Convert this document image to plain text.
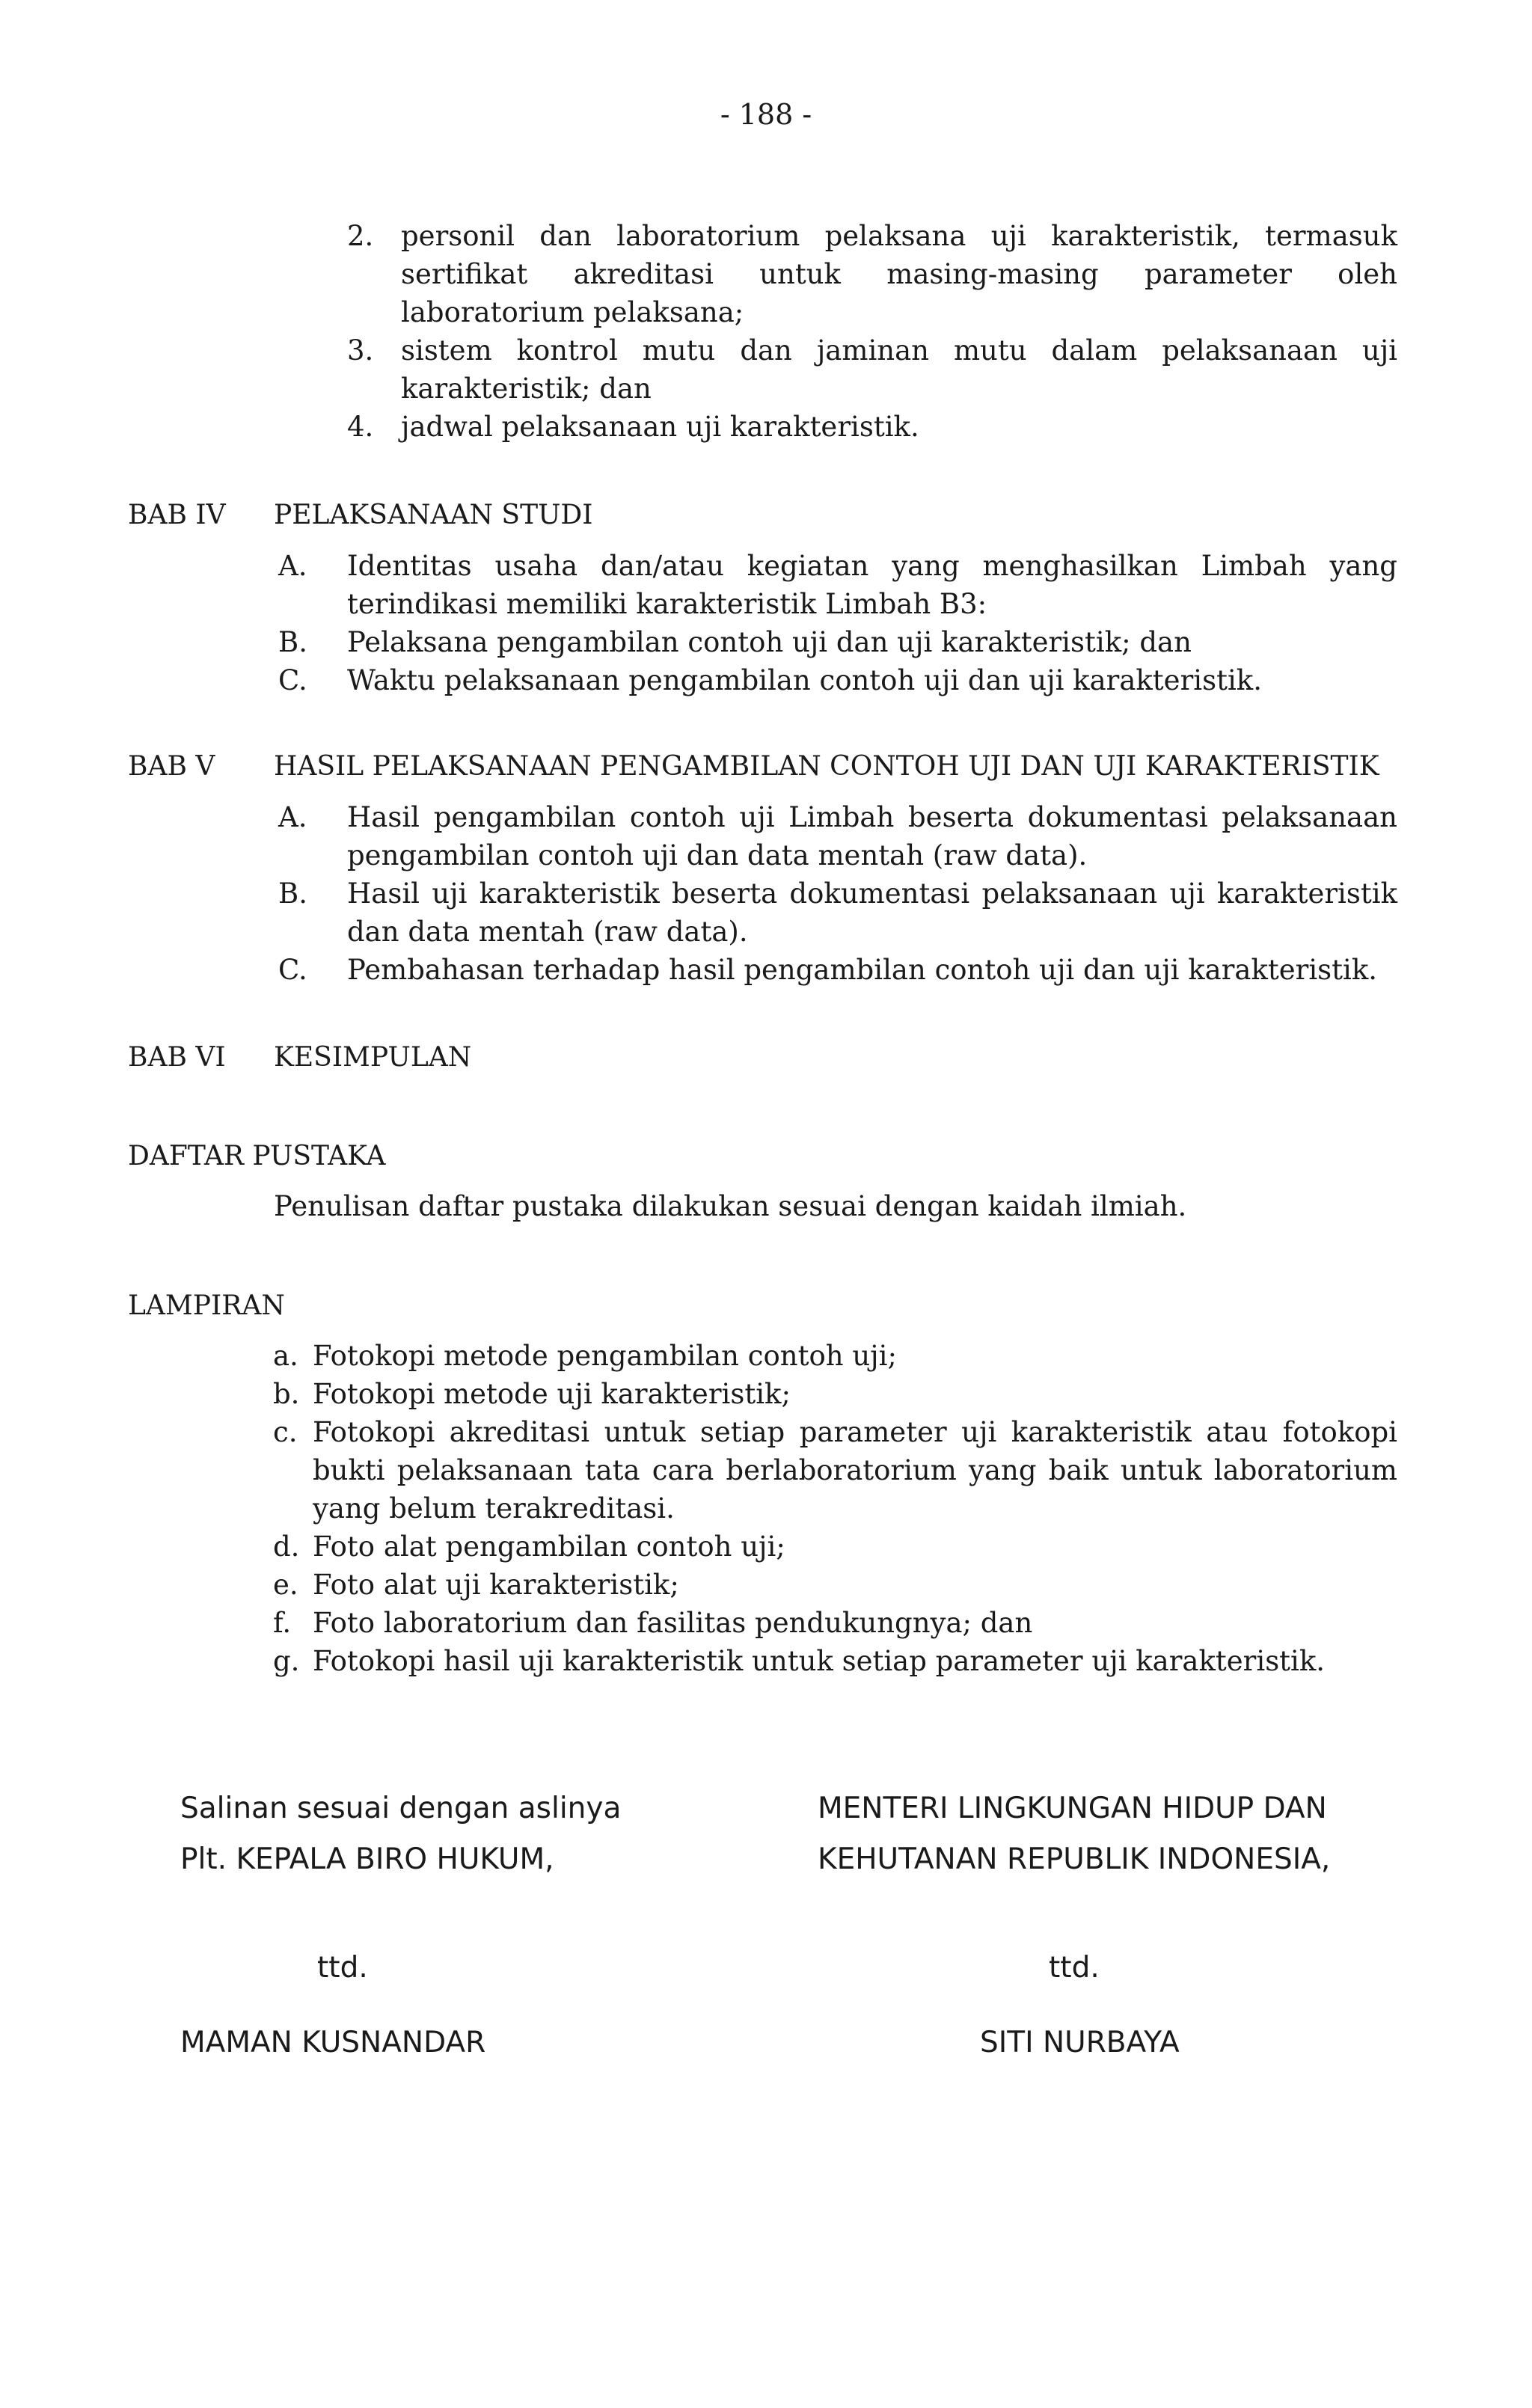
- 188 -
2. personil dan laboratorium pelaksana uji karakteristik, termasuk sertifikat akreditasi untuk masing-masing parameter oleh laboratorium pelaksana;
3. sistem kontrol mutu dan jaminan mutu dalam pelaksanaan uji karakteristik; dan
4. jadwal pelaksanaan uji karakteristik.
BAB IV PELAKSANAAN STUDI
A. Identitas usaha dan/atau kegiatan yang menghasilkan Limbah yang terindikasi memiliki karakteristik Limbah B3:
B. Pelaksana pengambilan contoh uji dan uji karakteristik; dan
C. Waktu pelaksanaan pengambilan contoh uji dan uji karakteristik.
BAB V HASIL PELAKSANAAN PENGAMBILAN CONTOH UJI DAN UJI KARAKTERISTIK
A. Hasil pengambilan contoh uji Limbah beserta dokumentasi pelaksanaan pengambilan contoh uji dan data mentah (raw data).
B. Hasil uji karakteristik beserta dokumentasi pelaksanaan uji karakteristik dan data mentah (raw data).
C. Pembahasan terhadap hasil pengambilan contoh uji dan uji karakteristik.
BAB VI KESIMPULAN
DAFTAR PUSTAKA
Penulisan daftar pustaka dilakukan sesuai dengan kaidah ilmiah.
LAMPIRAN
a. Fotokopi metode pengambilan contoh uji;
b. Fotokopi metode uji karakteristik;
c. Fotokopi akreditasi untuk setiap parameter uji karakteristik atau fotokopi bukti pelaksanaan tata cara berlaboratorium yang baik untuk laboratorium yang belum terakreditasi.
d. Foto alat pengambilan contoh uji;
e. Foto alat uji karakteristik;
f. Foto laboratorium dan fasilitas pendukungnya; dan
g. Fotokopi hasil uji karakteristik untuk setiap parameter uji karakteristik.
Salinan sesuai dengan aslinya
Plt. KEPALA BIRO HUKUM,
ttd.
MAMAN KUSNANDAR
MENTERI LINGKUNGAN HIDUP DAN
KEHUTANAN REPUBLIK INDONESIA,
ttd.
SITI NURBAYA
